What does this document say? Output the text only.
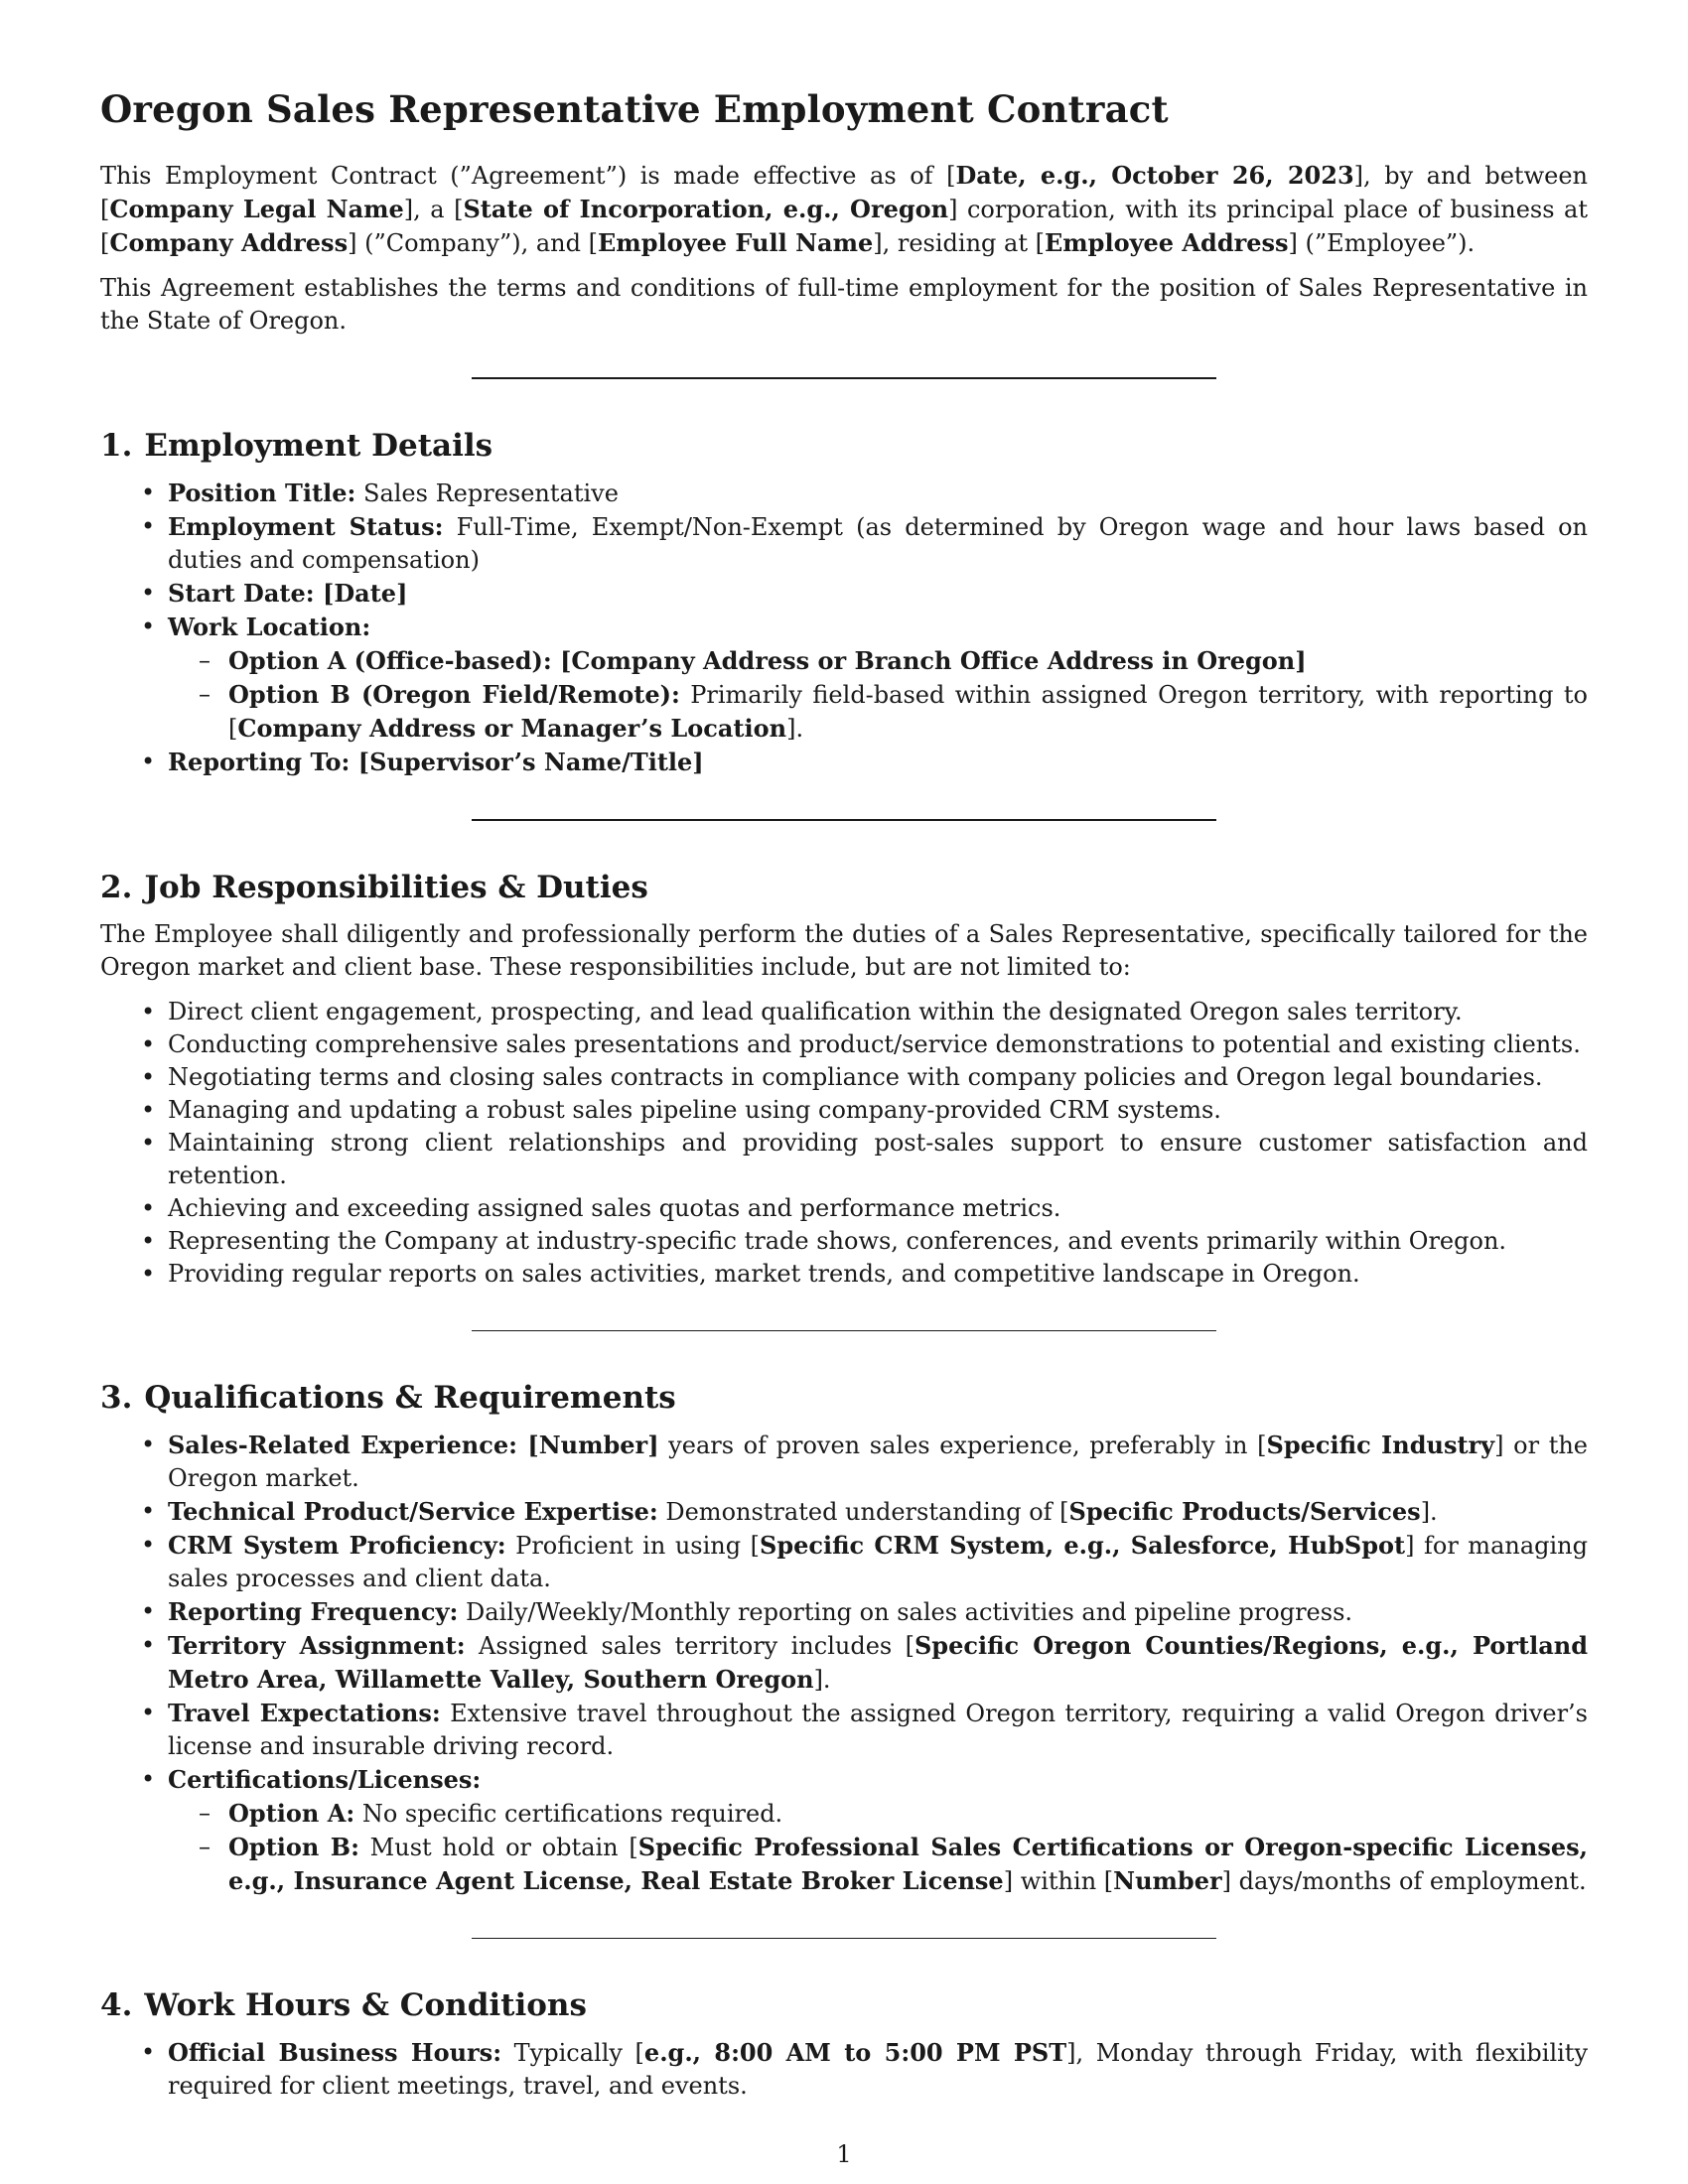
Oregon Sales Representative Employment Contract

This Employment Contract (”Agreement”) is made effective as of [Date, e.g., October 26, 2023], by and between [Company Legal Name], a [State of Incorporation, e.g., Oregon] corporation, with its principal place of business at [Company Address] (”Company”), and [Employee Full Name], residing at [Employee Address] (”Employee”).

This Agreement establishes the terms and conditions of full-time employment for the position of Sales Representative in the State of Oregon.

1. Employment Details
• Position Title: Sales Representative
• Employment Status: Full-Time, Exempt/Non-Exempt (as determined by Oregon wage and hour laws based on duties and compensation)
• Start Date: [Date]
• Work Location:
– Option A (Office-based): [Company Address or Branch Office Address in Oregon]
– Option B (Oregon Field/Remote): Primarily field-based within assigned Oregon territory, with reporting to [Company Address or Manager’s Location].
• Reporting To: [Supervisor’s Name/Title]
2. Job Responsibilities & Duties

The Employee shall diligently and professionally perform the duties of a Sales Representative, specifically tailored for the Oregon market and client base. These responsibilities include, but are not limited to:

• Direct client engagement, prospecting, and lead qualification within the designated Oregon sales territory.
• Conducting comprehensive sales presentations and product/service demonstrations to potential and existing clients.
• Negotiating terms and closing sales contracts in compliance with company policies and Oregon legal boundaries.
• Managing and updating a robust sales pipeline using company-provided CRM systems.
• Maintaining strong client relationships and providing post-sales support to ensure customer satisfaction and retention.
• Achieving and exceeding assigned sales quotas and performance metrics.
• Representing the Company at industry-specific trade shows, conferences, and events primarily within Oregon.
• Providing regular reports on sales activities, market trends, and competitive landscape in Oregon.
3. Qualifications & Requirements
• Sales-Related Experience: [Number] years of proven sales experience, preferably in [Specific Industry] or the Oregon market.
• Technical Product/Service Expertise: Demonstrated understanding of [Specific Products/Services].
• CRM System Proficiency: Proficient in using [Specific CRM System, e.g., Salesforce, HubSpot] for managing sales processes and client data.
• Reporting Frequency: Daily/Weekly/Monthly reporting on sales activities and pipeline progress.
• Territory Assignment: Assigned sales territory includes [Specific Oregon Counties/Regions, e.g., Portland Metro Area, Willamette Valley, Southern Oregon].
• Travel Expectations: Extensive travel throughout the assigned Oregon territory, requiring a valid Oregon driver’s license and insurable driving record.
• Certifications/Licenses:
– Option A: No specific certifications required.
– Option B: Must hold or obtain [Specific Professional Sales Certifications or Oregon-specific Licenses, e.g., Insurance Agent License, Real Estate Broker License] within [Number] days/months of employment.
4. Work Hours & Conditions
• Official Business Hours: Typically [e.g., 8:00 AM to 5:00 PM PST], Monday through Friday, with flexibility required for client meetings, travel, and events.
1
